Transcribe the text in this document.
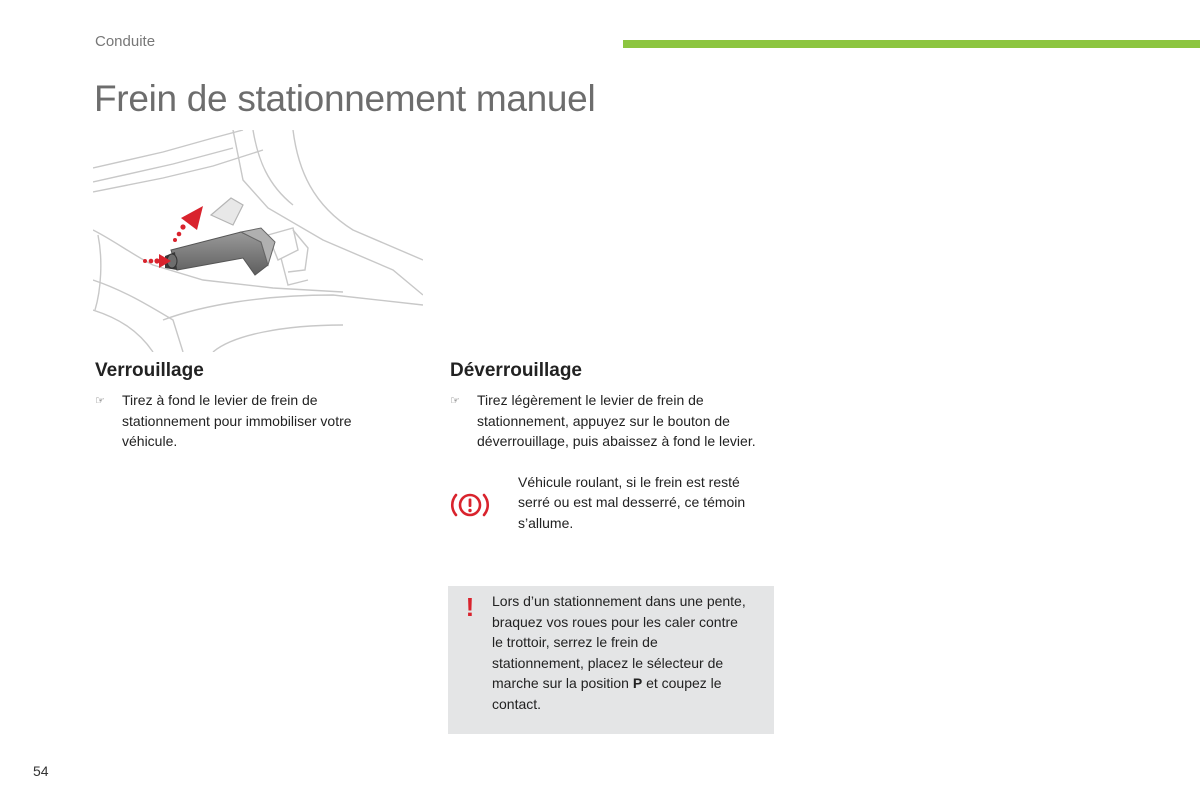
Conduite
Frein de stationnement manuel
Verrouillage
☞	Tirez à fond le levier de frein de stationnement pour immobiliser votre véhicule.
Déverrouillage
☞	Tirez légèrement le levier de frein de stationnement, appuyez sur le bouton de déverrouillage, puis abaissez à fond le levier.
Véhicule roulant, si le frein est resté serré ou est mal desserré, ce témoin s’allume.
!	Lors d’un stationnement dans une pente, braquez vos roues pour les caler contre le trottoir, serrez le frein de stationnement, placez le sélecteur de marche sur la position P et coupez le contact.
54
